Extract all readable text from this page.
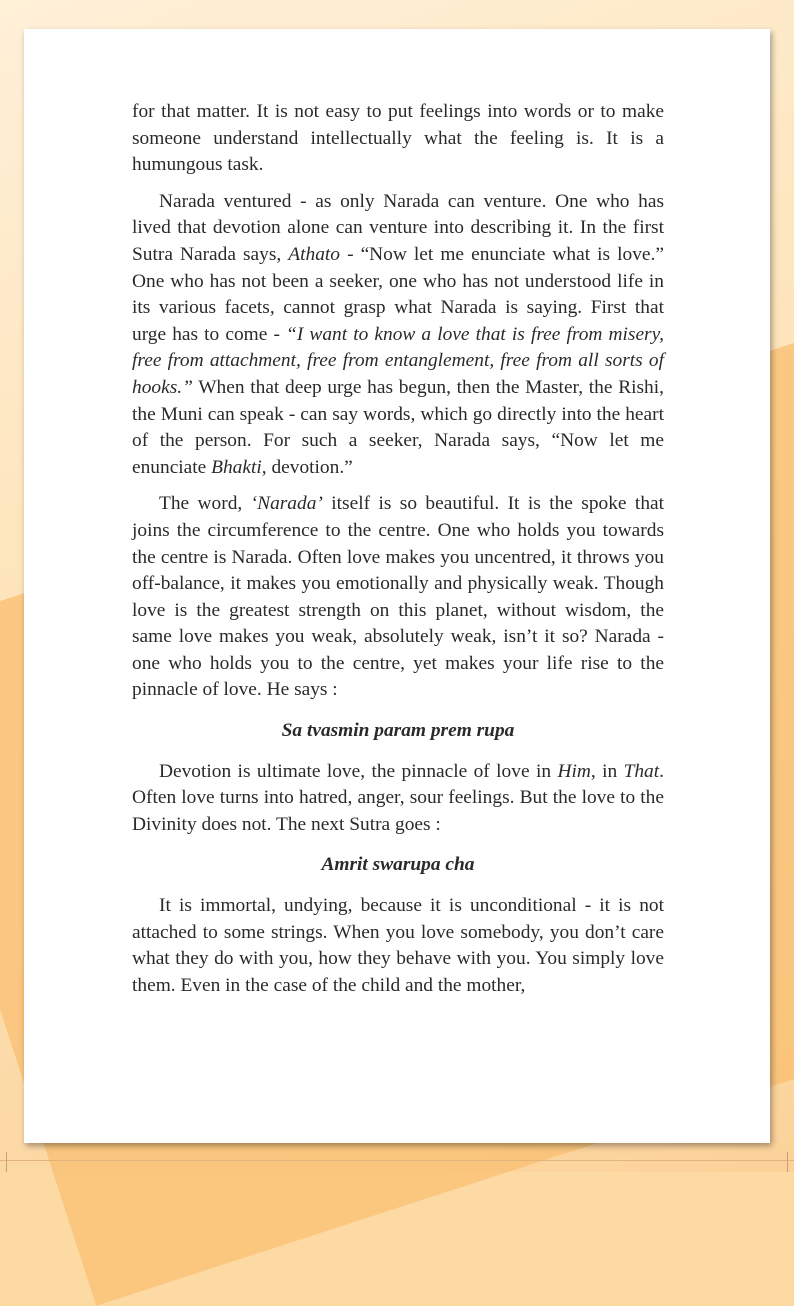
for that matter. It is not easy to put feelings into words or to make someone understand intellectually what the feeling is. It is a humungous task.

Narada ventured - as only Narada can venture. One who has lived that devotion alone can venture into describing it. In the first Sutra Narada says, Athato - “Now let me enunciate what is love.” One who has not been a seeker, one who has not understood life in its various facets, cannot grasp what Narada is saying. First that urge has to come - “I want to know a love that is free from misery, free from attachment, free from entanglement, free from all sorts of hooks.” When that deep urge has begun, then the Master, the Rishi, the Muni can speak - can say words, which go directly into the heart of the person. For such a seeker, Narada says, “Now let me enunciate Bhakti, devotion.”

The word, ‘Narada’ itself is so beautiful. It is the spoke that joins the circumference to the centre. One who holds you towards the centre is Narada. Often love makes you uncentred, it throws you off-balance, it makes you emotionally and physically weak. Though love is the greatest strength on this planet, without wisdom, the same love makes you weak, absolutely weak, isn’t it so? Narada - one who holds you to the centre, yet makes your life rise to the pinnacle of love. He says :

Sa tvasmin param prem rupa

Devotion is ultimate love, the pinnacle of love in Him, in That. Often love turns into hatred, anger, sour feelings. But the love to the Divinity does not. The next Sutra goes :

Amrit swarupa cha

It is immortal, undying, because it is unconditional - it is not attached to some strings. When you love somebody, you don’t care what they do with you, how they behave with you. You simply love them. Even in the case of the child and the mother,
